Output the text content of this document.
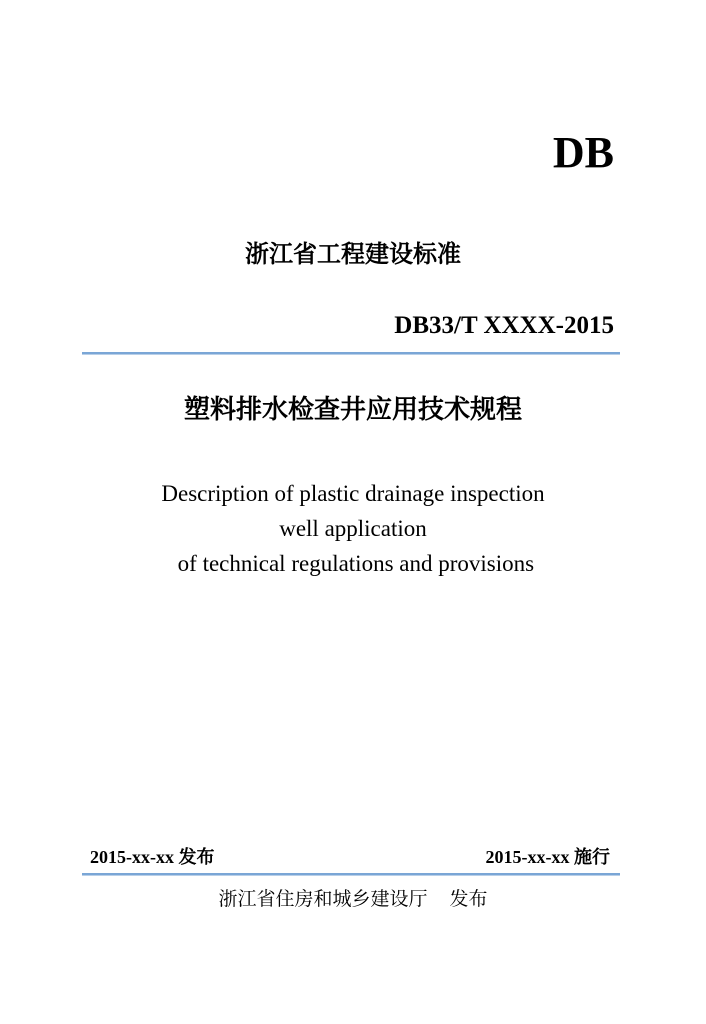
DB
浙江省工程建设标准
DB33/T XXXX-2015
塑料排水检查井应用技术规程
Description of plastic drainage inspection
well application
of technical regulations and provisions
2015-xx-xx 发布	2015-xx-xx 施行
浙江省住房和城乡建设厅 发布
